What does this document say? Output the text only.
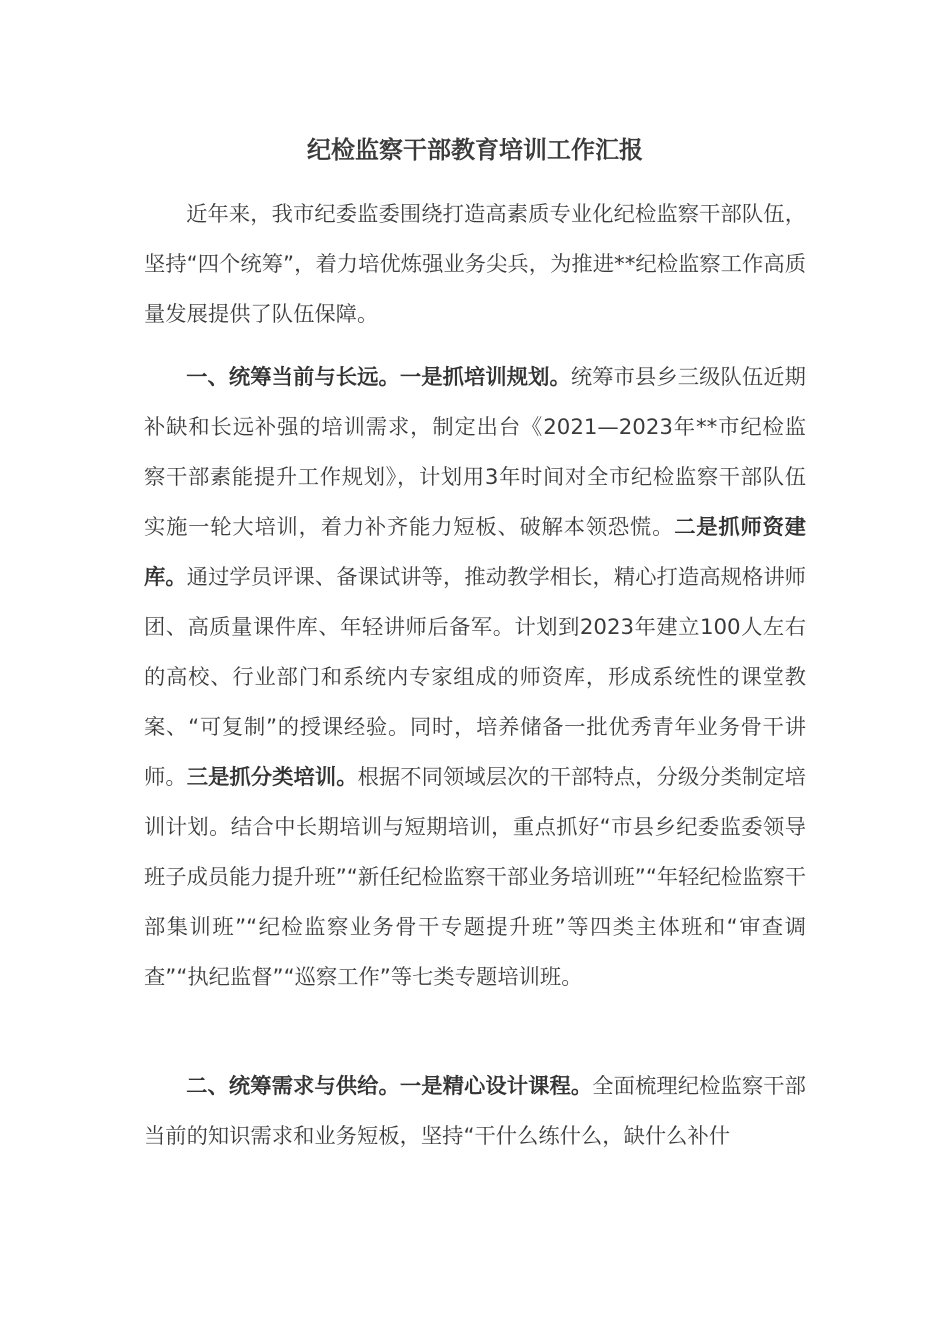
纪检监察干部教育培训工作汇报

近年来，我市纪委监委围绕打造高素质专业化纪检监察干部队伍，坚持“四个统筹”，着力培优炼强业务尖兵，为推进**纪检监察工作高质量发展提供了队伍保障。

一、统筹当前与长远。一是抓培训规划。统筹市县乡三级队伍近期补缺和长远补强的培训需求，制定出台《2021—2023年**市纪检监察干部素能提升工作规划》，计划用3年时间对全市纪检监察干部队伍实施一轮大培训，着力补齐能力短板、破解本领恐慌。二是抓师资建库。通过学员评课、备课试讲等，推动教学相长，精心打造高规格讲师团、高质量课件库、年轻讲师后备军。计划到2023年建立100人左右的高校、行业部门和系统内专家组成的师资库，形成系统性的课堂教案、“可复制”的授课经验。同时，培养储备一批优秀青年业务骨干讲师。三是抓分类培训。根据不同领域层次的干部特点，分级分类制定培训计划。结合中长期培训与短期培训，重点抓好“市县乡纪委监委领导班子成员能力提升班”“新任纪检监察干部业务培训班”“年轻纪检监察干部集训班”“纪检监察业务骨干专题提升班”等四类主体班和“审查调查”“执纪监督”“巡察工作”等七类专题培训班。

二、统筹需求与供给。一是精心设计课程。全面梳理纪检监察干部当前的知识需求和业务短板，坚持“干什么练什么，缺什么补什
